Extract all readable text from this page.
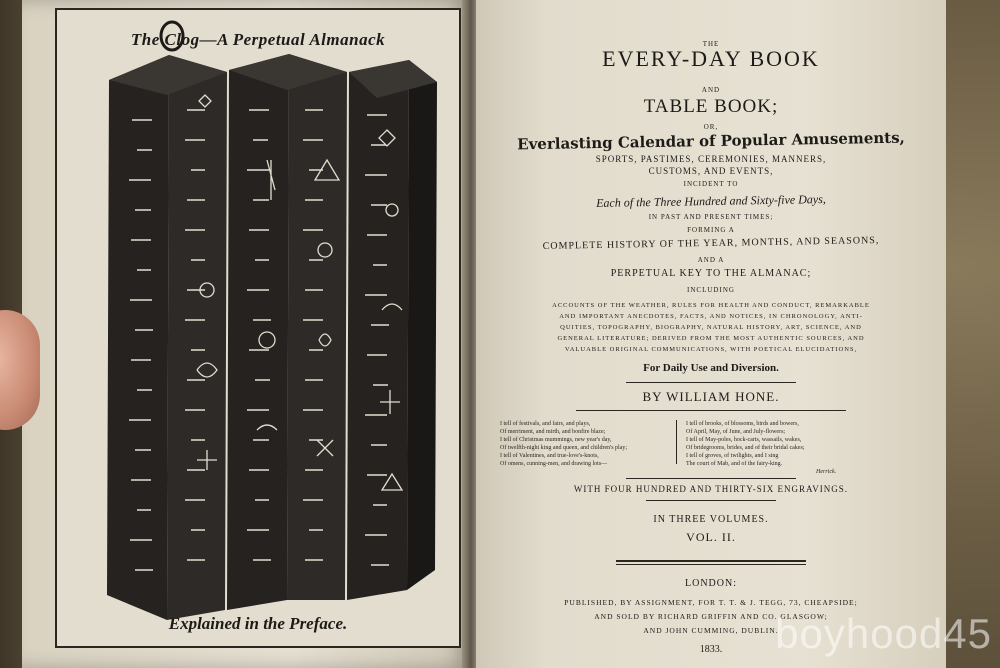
The Clog—A Perpetual Almanack
Explained in the Preface.
THE
EVERY-DAY BOOK
AND
TABLE BOOK;
OR,
Everlasting Calendar of Popular Amusements,
SPORTS, PASTIMES, CEREMONIES, MANNERS,
CUSTOMS, AND EVENTS,
INCIDENT TO
Each of the Three Hundred and Sixty-five Days,
IN PAST AND PRESENT TIMES;
FORMING A
COMPLETE HISTORY OF THE YEAR, MONTHS, AND SEASONS,
AND A
PERPETUAL KEY TO THE ALMANAC;
INCLUDING
ACCOUNTS OF THE WEATHER, RULES FOR HEALTH AND CONDUCT, REMARKABLE
AND IMPORTANT ANECDOTES, FACTS, AND NOTICES, IN CHRONOLOGY, ANTI-
QUITIES, TOPOGRAPHY, BIOGRAPHY, NATURAL HISTORY, ART, SCIENCE, AND
GENERAL LITERATURE; DERIVED FROM THE MOST AUTHENTIC SOURCES, AND
VALUABLE ORIGINAL COMMUNICATIONS, WITH POETICAL ELUCIDATIONS,
For Daily Use and Diversion.
BY WILLIAM HONE.
I tell of festivals, and fairs, and plays,
Of merriment, and mirth, and bonfire blaze;
I tell of Christmas mummings, new year's day,
Of twelfth-night king and queen, and children's play;
I tell of Valentines, and true-love's-knots,
Of omens, cunning-men, and drawing lots—
I tell of brooks, of blossoms, birds and bowers,
Of April, May, of June, and July-flowers;
I tell of May-poles, hock-carts, wassails, wakes,
Of bridegrooms, brides, and of their bridal cakes;
I tell of groves, of twilights, and I sing
The court of Mab, and of the fairy-king.
Herrick.
WITH FOUR HUNDRED AND THIRTY-SIX ENGRAVINGS.
IN THREE VOLUMES.
VOL. II.
LONDON:
PUBLISHED, BY ASSIGNMENT, FOR T. T. & J. TEGG, 73, CHEAPSIDE;
AND SOLD BY RICHARD GRIFFIN AND CO. GLASGOW;
AND JOHN CUMMING, DUBLIN.
1833.	boyhood45
